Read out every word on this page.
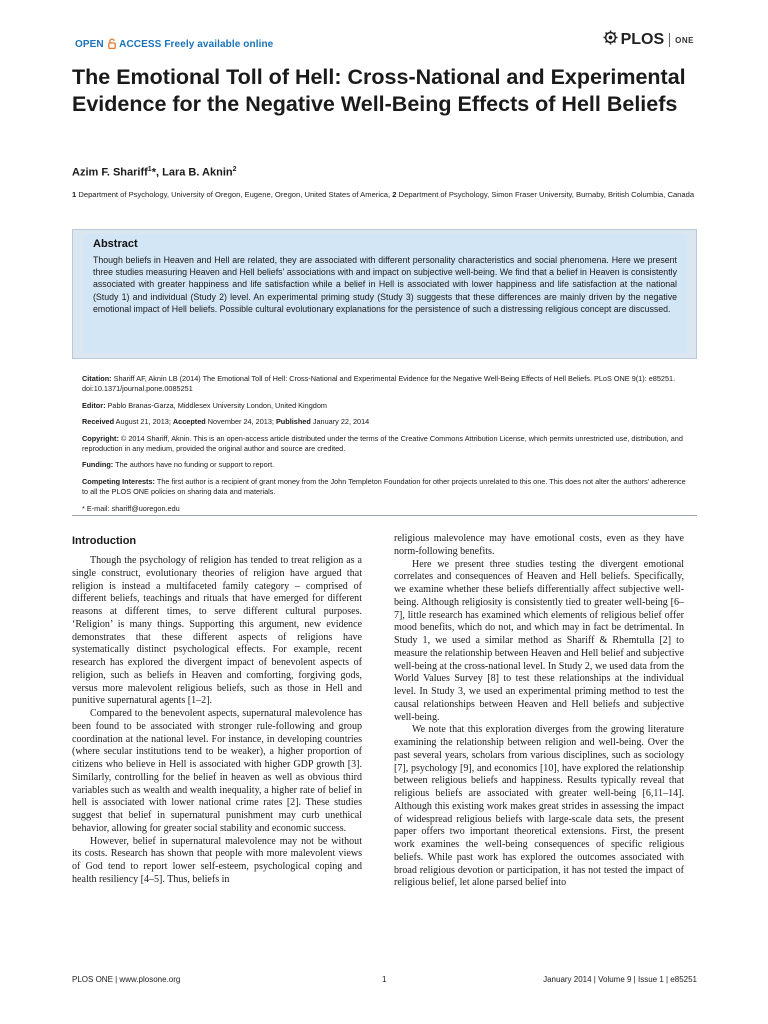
OPEN ACCESS Freely available online	PLOS ONE
The Emotional Toll of Hell: Cross-National and Experimental Evidence for the Negative Well-Being Effects of Hell Beliefs
Azim F. Shariff$^1$*, Lara B. Aknin$^2$
1 Department of Psychology, University of Oregon, Eugene, Oregon, United States of America, 2 Department of Psychology, Simon Fraser University, Burnaby, British Columbia, Canada
Abstract

Though beliefs in Heaven and Hell are related, they are associated with different personality characteristics and social phenomena. Here we present three studies measuring Heaven and Hell beliefs' associations with and impact on subjective well-being. We find that a belief in Heaven is consistently associated with greater happiness and life satisfaction while a belief in Hell is associated with lower happiness and life satisfaction at the national (Study 1) and individual (Study 2) level. An experimental priming study (Study 3) suggests that these differences are mainly driven by the negative emotional impact of Hell beliefs. Possible cultural evolutionary explanations for the persistence of such a distressing religious concept are discussed.

Citation: Shariff AF, Aknin LB (2014) The Emotional Toll of Hell: Cross-National and Experimental Evidence for the Negative Well-Being Effects of Hell Beliefs. PLoS ONE 9(1): e85251. doi:10.1371/journal.pone.0085251

Editor: Pablo Branas-Garza, Middlesex University London, United Kingdom

Received August 21, 2013; Accepted November 24, 2013; Published January 22, 2014

Copyright: © 2014 Shariff, Aknin. This is an open-access article distributed under the terms of the Creative Commons Attribution License, which permits unrestricted use, distribution, and reproduction in any medium, provided the original author and source are credited.

Funding: The authors have no funding or support to report.

Competing Interests: The first author is a recipient of grant money from the John Templeton Foundation for other projects unrelated to this one. This does not alter the authors' adherence to all the PLOS ONE policies on sharing data and materials.

* E-mail: shariff@uoregon.edu

Introduction

Though the psychology of religion has tended to treat religion as a single construct, evolutionary theories of religion have argued that religion is instead a multifaceted family category – comprised of different beliefs, teachings and rituals that have emerged for different reasons at different times, to serve different cultural purposes. ‘Religion’ is many things. Supporting this argument, new evidence demonstrates that these different aspects of religions have systematically distinct psychological effects. For example, recent research has explored the divergent impact of benevolent aspects of religion, such as beliefs in Heaven and comforting, forgiving gods, versus more malevolent religious beliefs, such as those in Hell and punitive supernatural agents [1–2].

Compared to the benevolent aspects, supernatural malevolence has been found to be associated with stronger rule-following and group coordination at the national level. For instance, in developing countries (where secular institutions tend to be weaker), a higher proportion of citizens who believe in Hell is associated with higher GDP growth [3]. Similarly, controlling for the belief in heaven as well as obvious third variables such as wealth and wealth inequality, a higher rate of belief in hell is associated with lower national crime rates [2]. These studies suggest that belief in supernatural punishment may curb unethical behavior, allowing for greater social stability and economic success.

However, belief in supernatural malevolence may not be without its costs. Research has shown that people with more malevolent views of God tend to report lower self-esteem, psychological coping and health resiliency [4–5]. Thus, beliefs in

religious malevolence may have emotional costs, even as they have norm-following benefits.

Here we present three studies testing the divergent emotional correlates and consequences of Heaven and Hell beliefs. Specifically, we examine whether these beliefs differentially affect subjective well-being. Although religiosity is consistently tied to greater well-being [6–7], little research has examined which elements of religious belief offer mood benefits, which do not, and which may in fact be detrimental. In Study 1, we used a similar method as Shariff & Rhemtulla [2] to measure the relationship between Heaven and Hell belief and subjective well-being at the cross-national level. In Study 2, we used data from the World Values Survey [8] to test these relationships at the individual level. In Study 3, we used an experimental priming method to test the causal relationships between Heaven and Hell beliefs and subjective well-being.

We note that this exploration diverges from the growing literature examining the relationship between religion and well-being. Over the past several years, scholars from various disciplines, such as sociology [7], psychology [9], and economics [10], have explored the relationship between religious beliefs and happiness. Results typically reveal that religious beliefs are associated with greater well-being [6,11–14]. Although this existing work makes great strides in assessing the impact of widespread religious beliefs with large-scale data sets, the present paper offers two important theoretical extensions. First, the present work examines the well-being consequences of specific religious beliefs. While past work has explored the outcomes associated with broad religious devotion or participation, it has not tested the impact of religious belief, let alone parsed belief into

PLOS ONE | www.plosone.org	1	January 2014 | Volume 9 | Issue 1 | e85251
